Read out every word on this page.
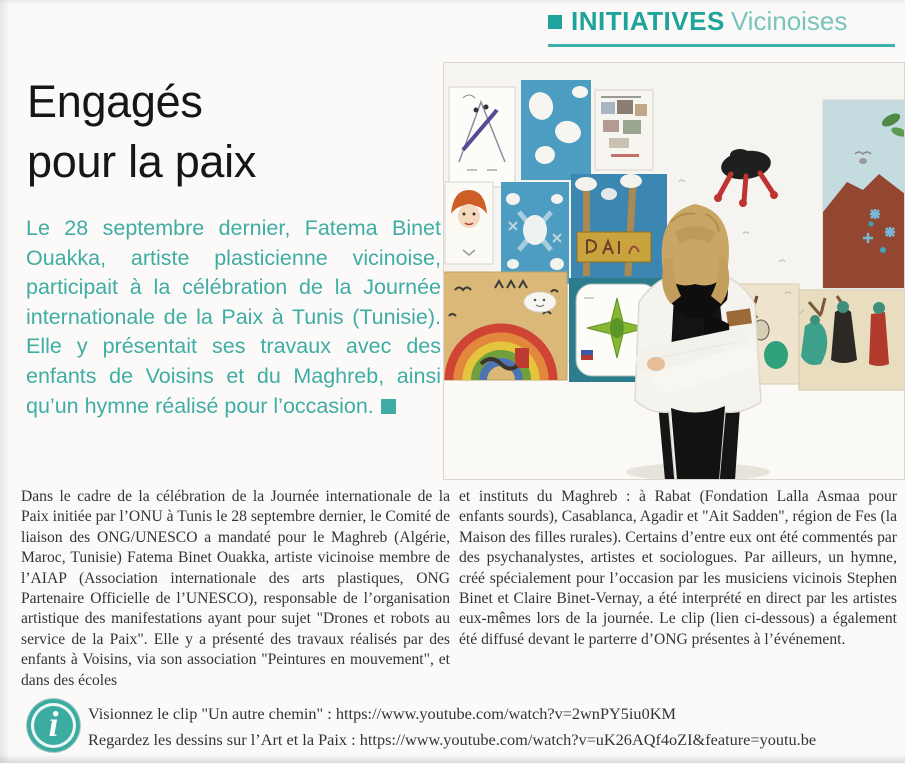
INITIATIVES Vicinoises
Engagés
pour la paix

Le 28 septembre dernier, Fatema Binet Ouakka, artiste plasticienne vicinoise, participait à la célébration de la Journée internationale de la Paix à Tunis (Tunisie). Elle y présentait ses travaux avec des enfants de Voisins et du Maghreb, ainsi qu’un hymne réalisé pour l’occasion.

Dans le cadre de la célébration de la Journée internationale de la Paix initiée par l’ONU à Tunis le 28 septembre dernier, le Comité de liaison des ONG/UNESCO a mandaté pour le Maghreb (Algérie, Maroc, Tunisie) Fatema Binet Ouakka, artiste vicinoise membre de l’AIAP (Association internationale des arts plastiques, ONG Partenaire Officielle de l’UNESCO), responsable de l’organisation artistique des manifestations ayant pour sujet "Drones et robots au service de la Paix". Elle y a présenté des travaux réalisés par des enfants à Voisins, via son association "Peintures en mouvement", et dans des écoles

et instituts du Maghreb : à Rabat (Fondation Lalla Asmaa pour enfants sourds), Casablanca, Agadir et "Ait Sadden", région de Fes (la Maison des filles rurales). Certains d’entre eux ont été commentés par des psychanalystes, artistes et sociologues. Par ailleurs, un hymne, créé spécialement pour l’occasion par les musiciens vicinois Stephen Binet et Claire Binet-Vernay, a été interprété en direct par les artistes eux-mêmes lors de la journée. Le clip (lien ci-dessous) a également été diffusé devant le parterre d’ONG présentes à l’événement.

i Visionnez le clip "Un autre chemin" : https://www.youtube.com/watch?v=2wnPY5iu0KM
Regardez les dessins sur l’Art et la Paix : https://www.youtube.com/watch?v=uK26AQf4oZI&feature=youtu.be
